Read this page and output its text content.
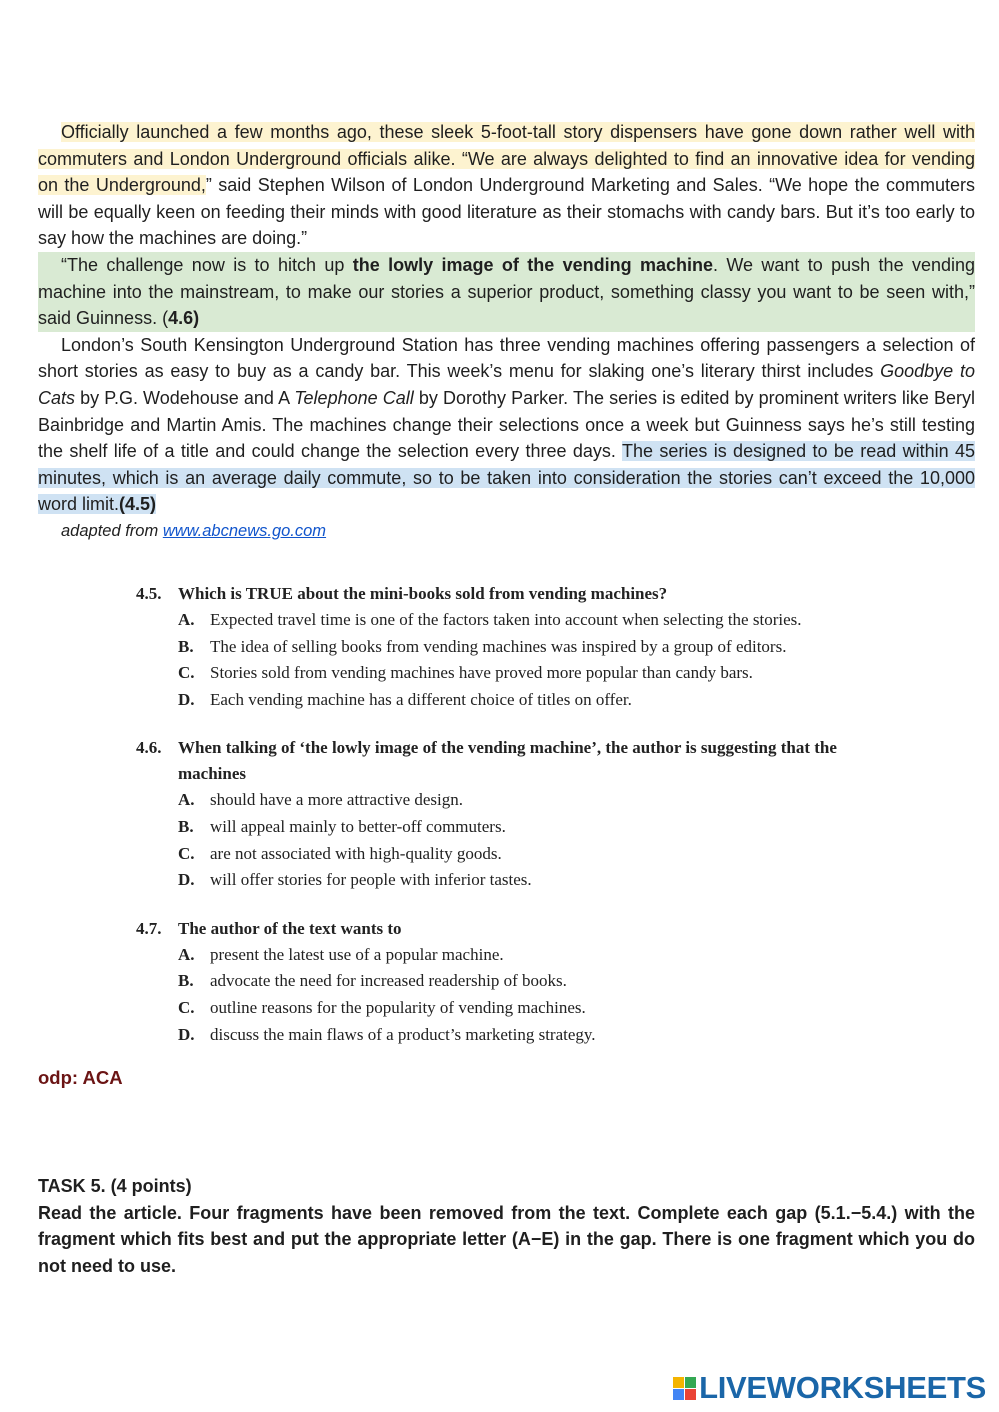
Officially launched a few months ago, these sleek 5-foot-tall story dispensers have gone down rather well with commuters and London Underground officials alike. “We are always delighted to find an innovative idea for vending on the Underground,” said Stephen Wilson of London Underground Marketing and Sales. “We hope the commuters will be equally keen on feeding their minds with good literature as their stomachs with candy bars. But it’s too early to say how the machines are doing.”

“The challenge now is to hitch up the lowly image of the vending machine. We want to push the vending machine into the mainstream, to make our stories a superior product, something classy you want to be seen with,” said Guinness. (4.6)

London’s South Kensington Underground Station has three vending machines offering passengers a selection of short stories as easy to buy as a candy bar. This week’s menu for slaking one’s literary thirst includes Goodbye to Cats by P.G. Wodehouse and A Telephone Call by Dorothy Parker. The series is edited by prominent writers like Beryl Bainbridge and Martin Amis. The machines change their selections once a week but Guinness says he’s still testing the shelf life of a title and could change the selection every three days. The series is designed to be read within 45 minutes, which is an average daily commute, so to be taken into consideration the stories can’t exceed the 10,000 word limit.(4.5)

adapted from www.abcnews.go.com
4.5. Which is TRUE about the mini-books sold from vending machines?
A. Expected travel time is one of the factors taken into account when selecting the stories.
B. The idea of selling books from vending machines was inspired by a group of editors.
C. Stories sold from vending machines have proved more popular than candy bars.
D. Each vending machine has a different choice of titles on offer.
4.6. When talking of ‘the lowly image of the vending machine’, the author is suggesting that the machines
A. should have a more attractive design.
B. will appeal mainly to better-off commuters.
C. are not associated with high-quality goods.
D. will offer stories for people with inferior tastes.
4.7. The author of the text wants to
A. present the latest use of a popular machine.
B. advocate the need for increased readership of books.
C. outline reasons for the popularity of vending machines.
D. discuss the main flaws of a product’s marketing strategy.
odp: ACA

TASK 5. (4 points)

Read the article. Four fragments have been removed from the text. Complete each gap (5.1.−5.4.) with the fragment which fits best and put the appropriate letter (A−E) in the gap. There is one fragment which you do not need to use.

LIVEWORKSHEETS
